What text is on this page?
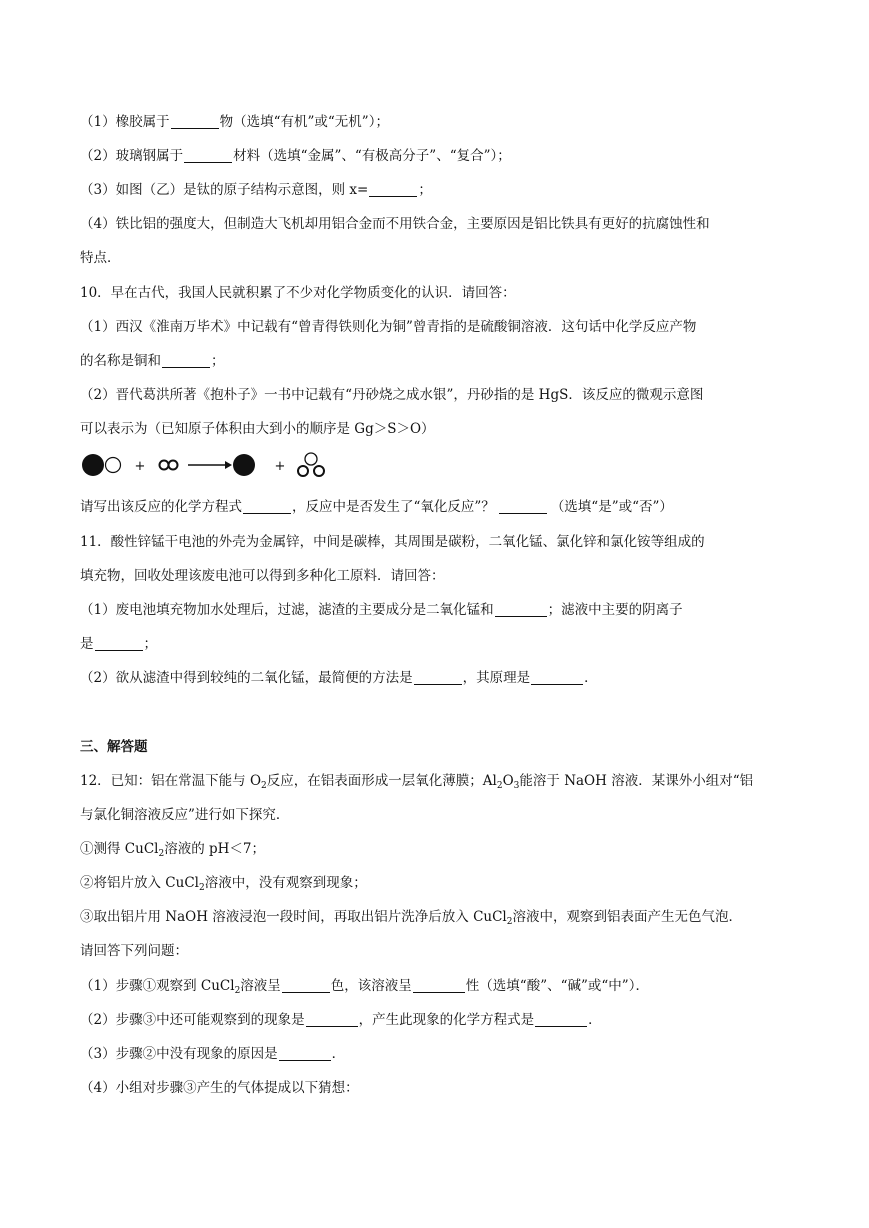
（1）橡胶属于	物（选填“有机”或“无机”）；
（2）玻璃钢属于	材料（选填“金属”、“有极高分子”、“复合”）；
（3）如图（乙）是钛的原子结构示意图，则 x=	；
（4）铁比铝的强度大，但制造大飞机却用铝合金而不用铁合金，主要原因是铝比铁具有更好的抗腐蚀性和
特点．
10．早在古代，我国人民就积累了不少对化学物质变化的认识．请回答：
（1）西汉《淮南万毕术》中记载有“曾青得铁则化为铜”曾青指的是硫酸铜溶液．这句话中化学反应产物
的名称是铜和	；
（2）晋代葛洪所著《抱朴子》一书中记载有“丹砂烧之成水银”，丹砂指的是 HgS．该反应的微观示意图
可以表示为（已知原子体积由大到小的顺序是 Gg＞S＞O）
+	+
请写出该反应的化学方程式	，反应中是否发生了“氧化反应”？	（选填“是”或“否”）
11．酸性锌锰干电池的外壳为金属锌，中间是碳棒，其周围是碳粉，二氧化锰、氯化锌和氯化铵等组成的
填充物，回收处理该废电池可以得到多种化工原料．请回答：
（1）废电池填充物加水处理后，过滤，滤渣的主要成分是二氧化锰和	；滤液中主要的阴离子
是	；
（2）欲从滤渣中得到较纯的二氧化锰，最简便的方法是	，其原理是	．
三、解答题
12．已知：铝在常温下能与 $O_2$反应，在铝表面形成一层氧化薄膜；$Al_2O_3$能溶于 NaOH 溶液．某课外小组对“铝
与氯化铜溶液反应”进行如下探究．
①测得 CuCl$_2$溶液的 pH＜7；
②将铝片放入 CuCl$_2$溶液中，没有观察到现象；
③取出铝片用 NaOH 溶液浸泡一段时间，再取出铝片洗净后放入 CuCl$_2$溶液中，观察到铝表面产生无色气泡．
请回答下列问题：
（1）步骤①观察到 CuCl$_2$溶液呈	色，该溶液呈	性（选填“酸”、“碱”或“中”）．
（2）步骤③中还可能观察到的现象是	，产生此现象的化学方程式是	．
（3）步骤②中没有现象的原因是	．
（4）小组对步骤③产生的气体提成以下猜想：
